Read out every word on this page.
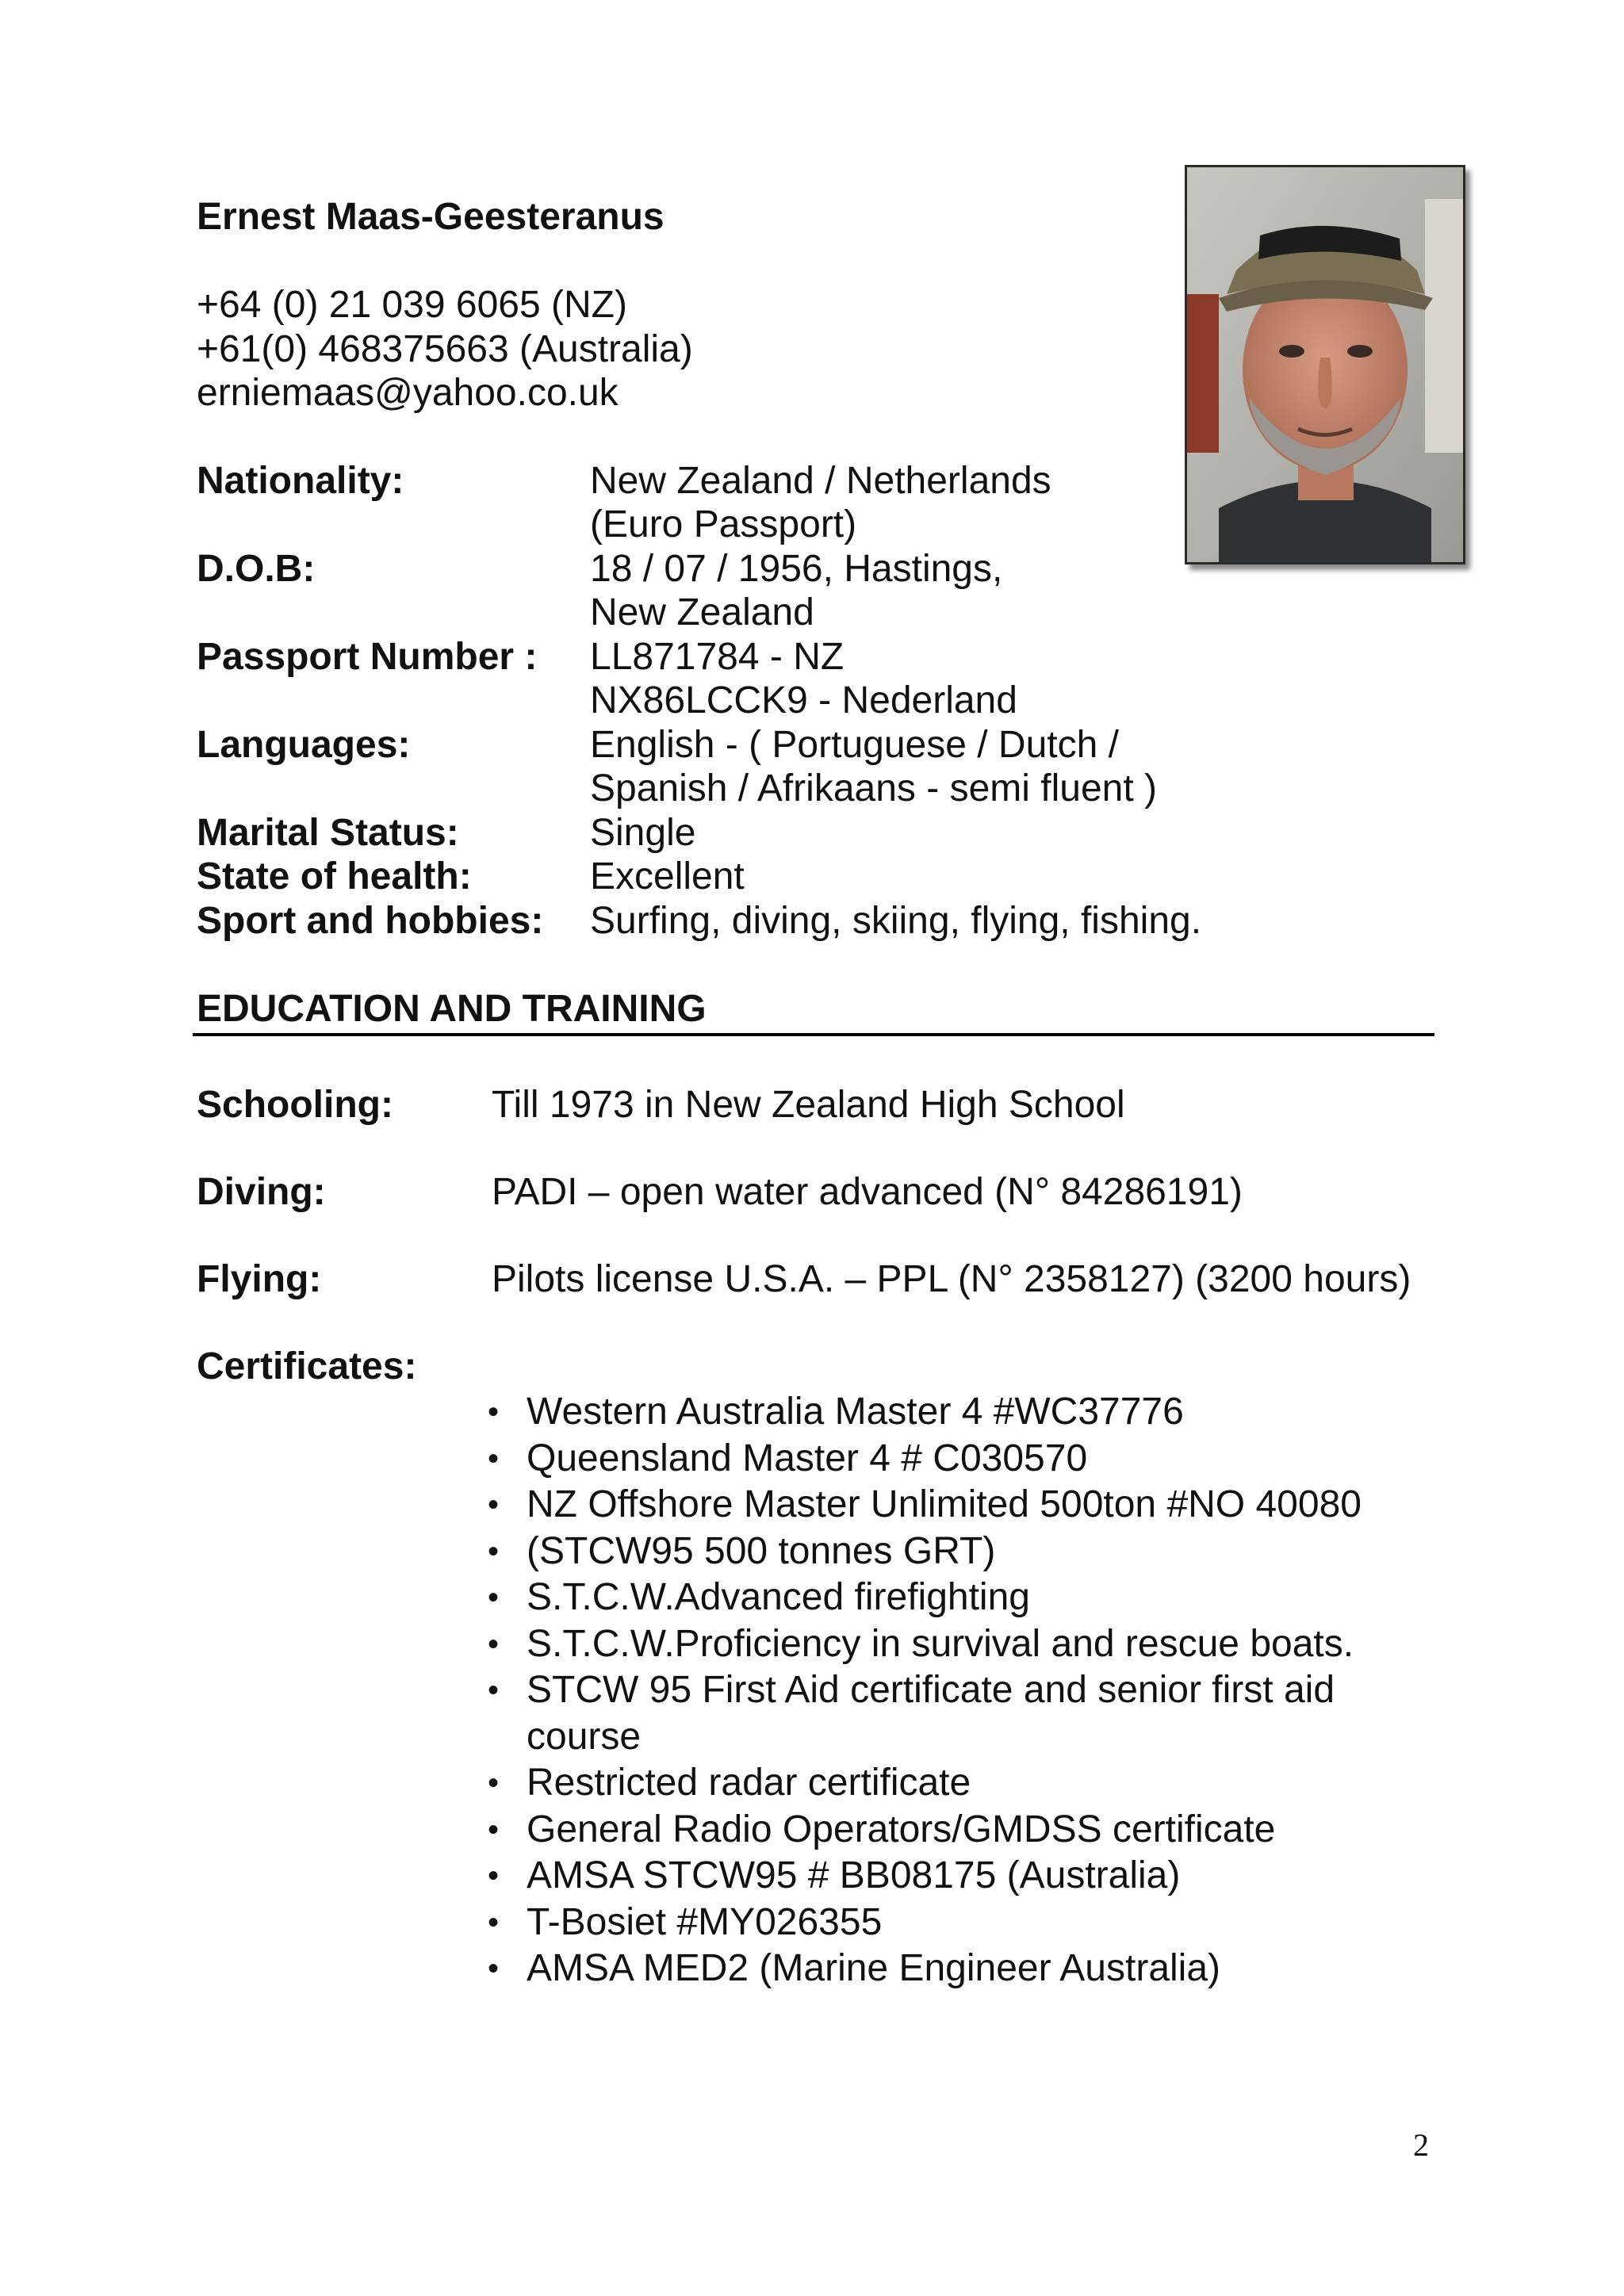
Ernest Maas-Geesteranus
+64 (0) 21 039 6065 (NZ)
+61(0) 468375663 (Australia)
erniemaas@yahoo.co.uk
Nationality:	New Zealand / Netherlands
(Euro Passport)
D.O.B:	18 / 07 / 1956, Hastings,
New Zealand
Passport Number : LL871784 - NZ
NX86LCCK9 - Nederland
Languages:	English - ( Portuguese / Dutch /
Spanish / Afrikaans - semi fluent )
Marital Status:	Single
State of health:	Excellent
Sport and hobbies: Surfing, diving, skiing, flying, fishing.
EDUCATION AND TRAINING
Schooling:	Till 1973 in New Zealand High School
Diving:	PADI – open water advanced (N° 84286191)
Flying:	Pilots license U.S.A. – PPL (N° 2358127) (3200 hours)
Certificates:
• Western Australia Master 4 #WC37776
• Queensland Master 4 # C030570
• NZ Offshore Master Unlimited 500ton #NO 40080
• (STCW95 500 tonnes GRT)
• S.T.C.W.Advanced firefighting
• S.T.C.W.Proficiency in survival and rescue boats.
• STCW 95 First Aid certificate and senior first aid course
• Restricted radar certificate
• General Radio Operators/GMDSS certificate
• AMSA STCW95 # BB08175 (Australia)
• T-Bosiet #MY026355
• AMSA MED2 (Marine Engineer Australia)
2
